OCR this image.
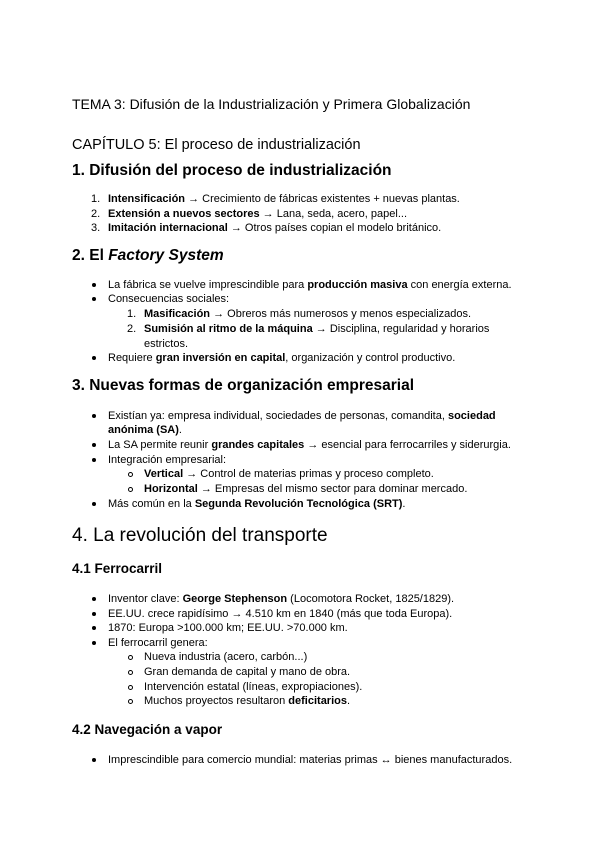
TEMA 3: Difusión de la Industrialización y Primera Globalización
CAPÍTULO 5: El proceso de industrialización
1. Difusión del proceso de industrialización
1. Intensificación → Crecimiento de fábricas existentes + nuevas plantas.
2. Extensión a nuevos sectores → Lana, seda, acero, papel...
3. Imitación internacional → Otros países copian el modelo británico.
2. El Factory System
La fábrica se vuelve imprescindible para producción masiva con energía externa.
Consecuencias sociales:
1. Masificación → Obreros más numerosos y menos especializados.
2. Sumisión al ritmo de la máquina → Disciplina, regularidad y horarios
estrictos.
Requiere gran inversión en capital, organización y control productivo.
3. Nuevas formas de organización empresarial
Existían ya: empresa individual, sociedades de personas, comandita, sociedad
anónima (SA).
La SA permite reunir grandes capitales → esencial para ferrocarriles y siderurgia.
Integración empresarial:
Vertical → Control de materias primas y proceso completo.
Horizontal → Empresas del mismo sector para dominar mercado.
Más común en la Segunda Revolución Tecnológica (SRT).
4. La revolución del transporte
4.1 Ferrocarril
Inventor clave: George Stephenson (Locomotora Rocket, 1825/1829).
EE.UU. crece rapidísimo → 4.510 km en 1840 (más que toda Europa).
1870: Europa >100.000 km; EE.UU. >70.000 km.
El ferrocarril genera:
Nueva industria (acero, carbón...)
Gran demanda de capital y mano de obra.
Intervención estatal (líneas, expropiaciones).
Muchos proyectos resultaron deficitarios.
4.2 Navegación a vapor
Imprescindible para comercio mundial: materias primas ↔ bienes manufacturados.
